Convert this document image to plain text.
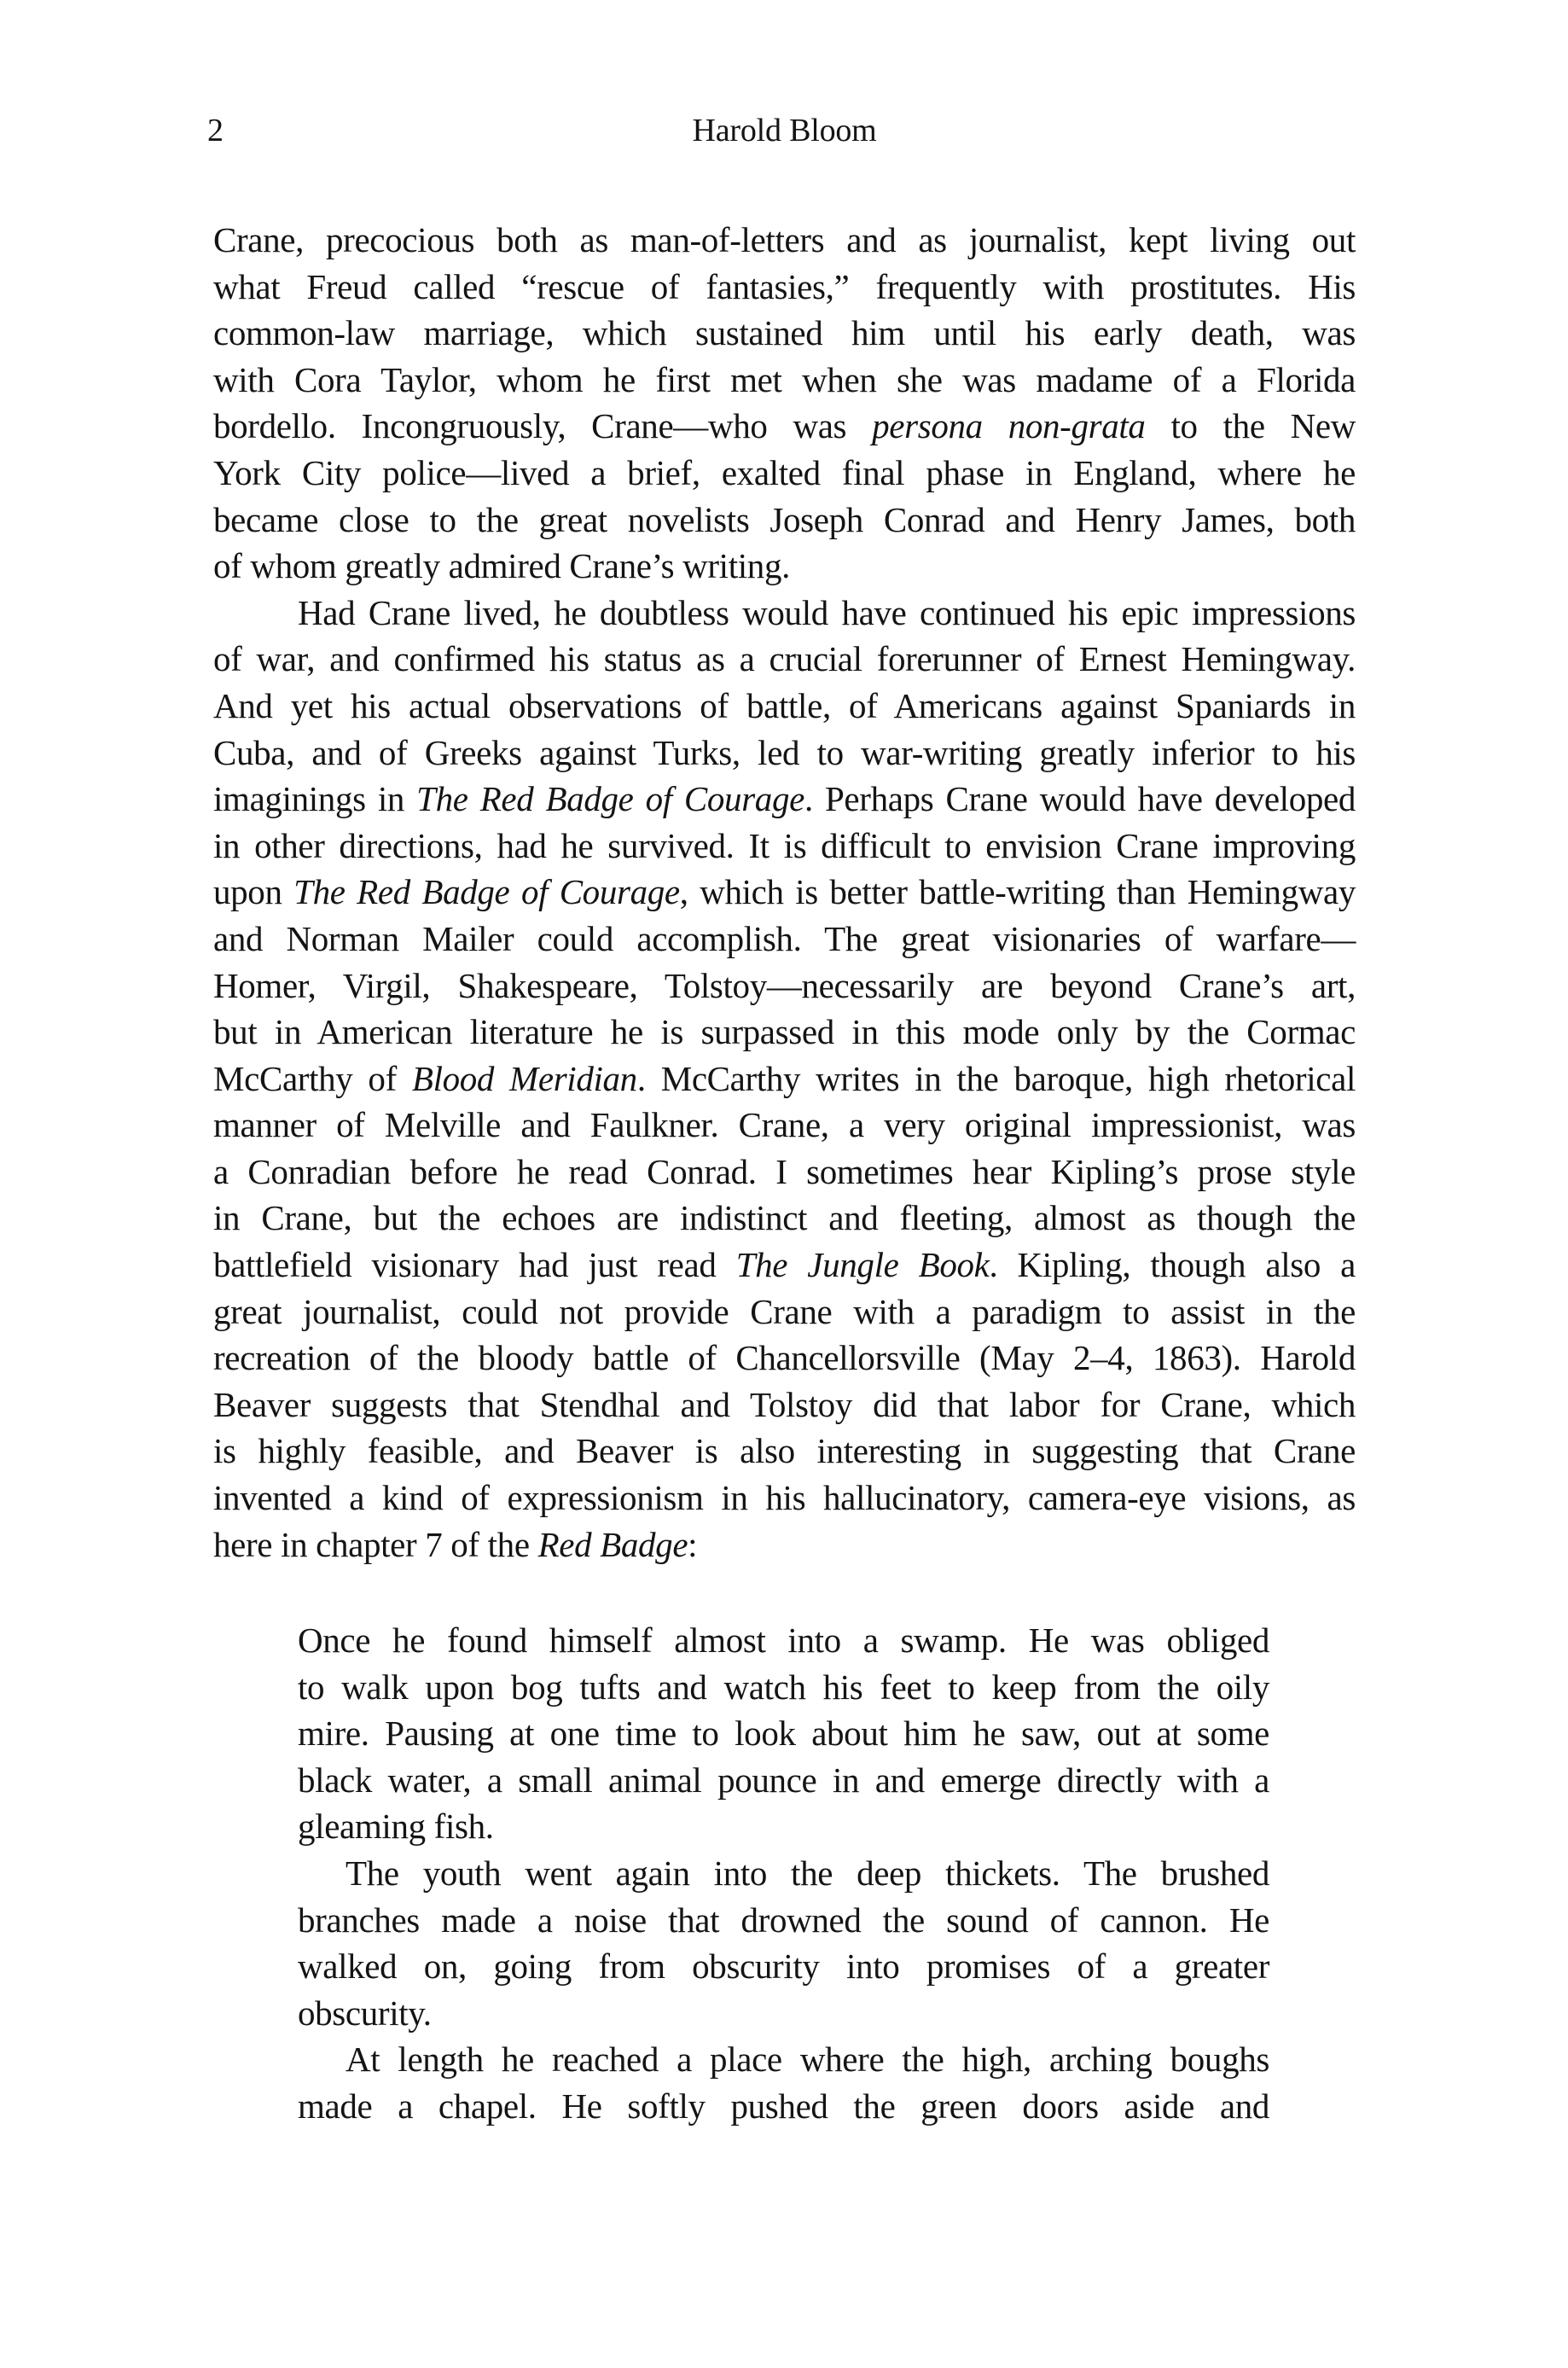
2	Harold Bloom
Crane, precocious both as man-of-letters and as journalist, kept living out
what Freud called “rescue of fantasies,” frequently with prostitutes. His
common-law marriage, which sustained him until his early death, was
with Cora Taylor, whom he first met when she was madame of a Florida
bordello. Incongruously, Crane—who was persona non-grata to the New
York City police—lived a brief, exalted final phase in England, where he
became close to the great novelists Joseph Conrad and Henry James, both
of whom greatly admired Crane’s writing.
Had Crane lived, he doubtless would have continued his epic impressions
of war, and confirmed his status as a crucial forerunner of Ernest Hemingway.
And yet his actual observations of battle, of Americans against Spaniards in
Cuba, and of Greeks against Turks, led to war-writing greatly inferior to his
imaginings in The Red Badge of Courage. Perhaps Crane would have developed
in other directions, had he survived. It is difficult to envision Crane improving
upon The Red Badge of Courage, which is better battle-writing than Hemingway
and Norman Mailer could accomplish. The great visionaries of warfare—
Homer, Virgil, Shakespeare, Tolstoy—necessarily are beyond Crane’s art,
but in American literature he is surpassed in this mode only by the Cormac
McCarthy of Blood Meridian. McCarthy writes in the baroque, high rhetorical
manner of Melville and Faulkner. Crane, a very original impressionist, was
a Conradian before he read Conrad. I sometimes hear Kipling’s prose style
in Crane, but the echoes are indistinct and fleeting, almost as though the
battlefield visionary had just read The Jungle Book. Kipling, though also a
great journalist, could not provide Crane with a paradigm to assist in the
recreation of the bloody battle of Chancellorsville (May 2–4, 1863). Harold
Beaver suggests that Stendhal and Tolstoy did that labor for Crane, which
is highly feasible, and Beaver is also interesting in suggesting that Crane
invented a kind of expressionism in his hallucinatory, camera-eye visions, as
here in chapter 7 of the Red Badge:
Once he found himself almost into a swamp. He was obliged
to walk upon bog tufts and watch his feet to keep from the oily
mire. Pausing at one time to look about him he saw, out at some
black water, a small animal pounce in and emerge directly with a
gleaming fish.
The youth went again into the deep thickets. The brushed
branches made a noise that drowned the sound of cannon. He
walked on, going from obscurity into promises of a greater
obscurity.
At length he reached a place where the high, arching boughs
made a chapel. He softly pushed the green doors aside and
